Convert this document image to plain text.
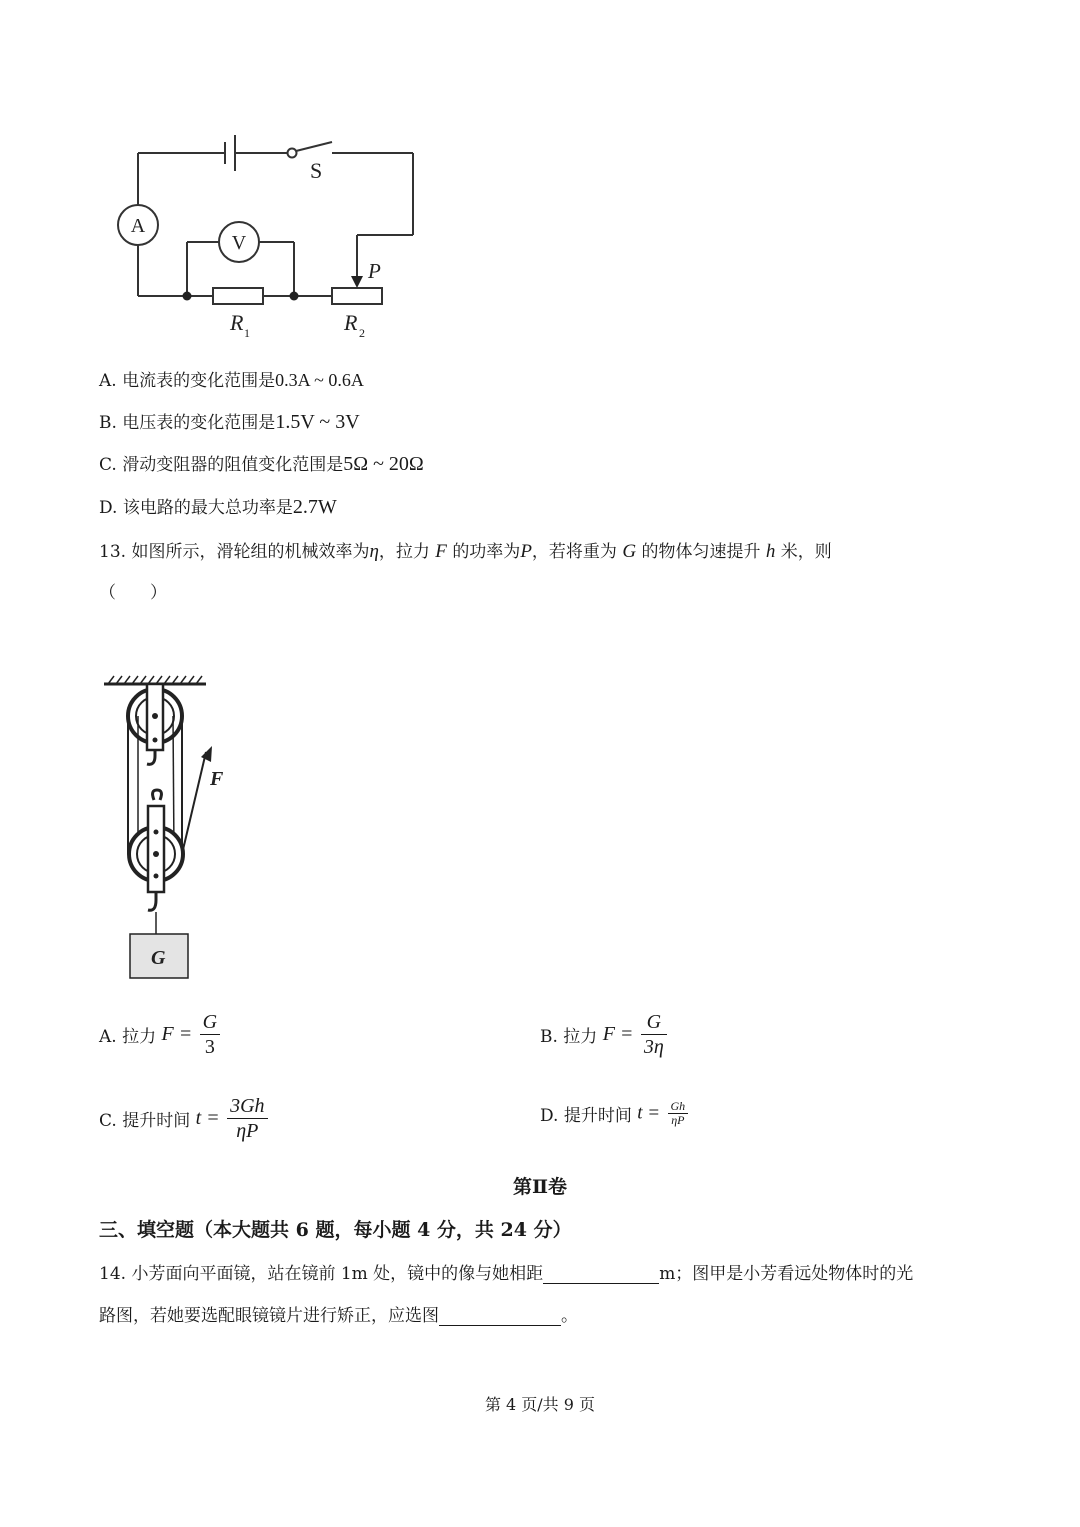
A
V
S
P
R 1	R 2
A. 电流表的变化范围是0.3A ~ 0.6A
B. 电压表的变化范围是1.5V ~ 3V
C. 滑动变阻器的阻值变化范围是5Ω ~ 20Ω
D. 该电路的最大总功率是2.7W
13. 如图所示，滑轮组的机械效率为η，拉力 F 的功率为P，若将重为 G 的物体匀速提升 h 米，则
（　　）
F
G
A. 拉力 $F = \frac{G}{3}$	B. 拉力 $F = \frac{G}{3\eta}$
C. 提升时间 $t = \frac{3Gh}{\eta P}$	D. 提升时间 $t = \frac{Gh}{\eta P}$
第Ⅱ卷
三、填空题（本大题共 6 题，每小题 4 分，共 24 分）
14. 小芳面向平面镜，站在镜前 1m 处，镜中的像与她相距	m；图甲是小芳看远处物体时的光
路图，若她要选配眼镜镜片进行矫正，应选图	。
第 4 页/共 9 页
